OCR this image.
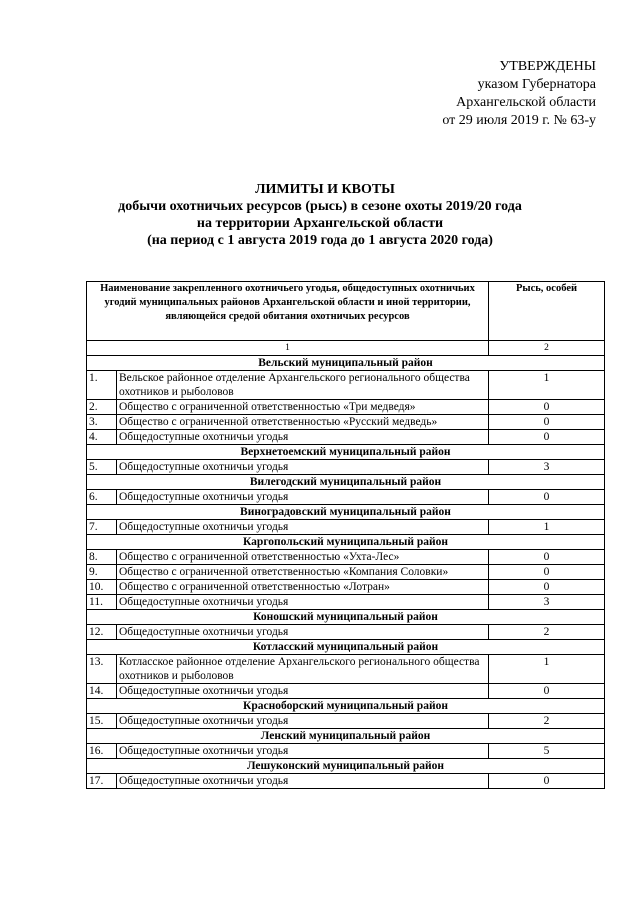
УТВЕРЖДЕНЫ
указом Губернатора
Архангельской области
от 29 июля 2019 г. № 63-у
ЛИМИТЫ И КВОТЫ
добычи охотничьих ресурсов (рысь) в сезоне охоты 2019/20 года
на территории Архангельской области
(на период с 1 августа 2019 года до 1 августа 2020 года)
Наименование закрепленного охотничьего угодья, общедоступных охотничьих угодий муниципальных районов Архангельской области и иной территории, являющейся средой обитания охотничьих ресурсов		Рысь, особей
1		2
Вельский муниципальный район		
1.	Вельское районное отделение Архангельского регионального общества охотников и рыболовов	1
2.	Общество с ограниченной ответственностью «Три медведя»	0
3.	Общество с ограниченной ответственностью «Русский медведь»	0
4.	Общедоступные охотничьи угодья	0
Верхнетоемский муниципальный район		
5.	Общедоступные охотничьи угодья	3
Вилегодский муниципальный район		
6.	Общедоступные охотничьи угодья	0
Виноградовский муниципальный район		
7.	Общедоступные охотничьи угодья	1
Каргопольский муниципальный район		
8.	Общество с ограниченной ответственностью «Ухта-Лес»	0
9.	Общество с ограниченной ответственностью «Компания Соловки»	0
10.	Общество с ограниченной ответственностью «Лотран»	0
11.	Общедоступные охотничьи угодья	3
Коношский муниципальный район		
12.	Общедоступные охотничьи угодья	2
Котласский муниципальный район		
13.	Котласское районное отделение Архангельского регионального общества охотников и рыболовов	1
14.	Общедоступные охотничьи угодья	0
Красноборский муниципальный район		
15.	Общедоступные охотничьи угодья	2
Ленский муниципальный район		
16.	Общедоступные охотничьи угодья	5
Лешуконский муниципальный район		
17.	Общедоступные охотничьи угодья	0
